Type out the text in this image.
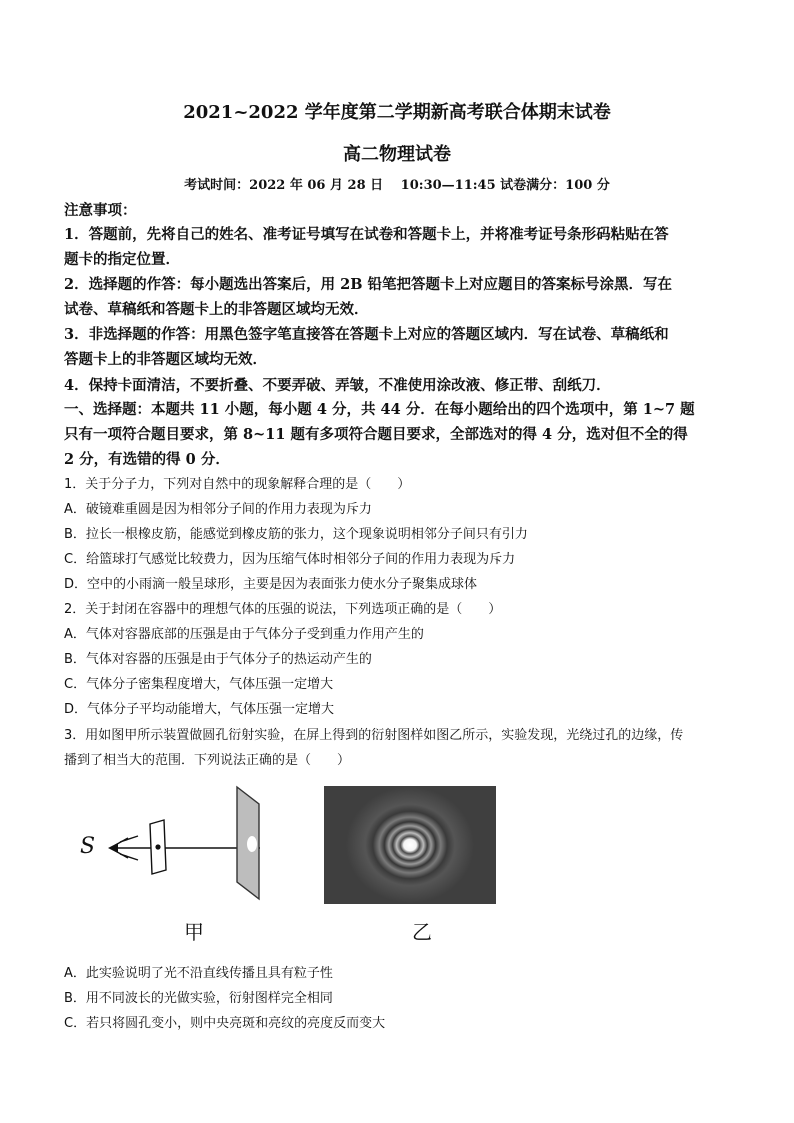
2021~2022 学年度第二学期新高考联合体期末试卷
高二物理试卷
考试时间：2022 年 06 月 28 日　 10:30—11:45 试卷满分：100 分
注意事项：
1．答题前，先将自己的姓名、准考证号填写在试卷和答题卡上，并将准考证号条形码粘贴在答
题卡的指定位置．
2．选择题的作答：每小题选出答案后，用 2B 铅笔把答题卡上对应题目的答案标号涂黑．写在
试卷、草稿纸和答题卡上的非答题区域均无效．
3．非选择题的作答：用黑色签字笔直接答在答题卡上对应的答题区域内．写在试卷、草稿纸和
答题卡上的非答题区域均无效．
4．保持卡面清洁，不要折叠、不要弄破、弄皱，不准使用涂改液、修正带、刮纸刀．
一、选择题：本题共 11 小题，每小题 4 分，共 44 分．在每小题给出的四个选项中，第 1~7 题
只有一项符合题目要求，第 8~11 题有多项符合题目要求，全部选对的得 4 分，选对但不全的得
2 分，有选错的得 0 分．
1．关于分子力，下列对自然中的现象解释合理的是（　　）
A．破镜难重圆是因为相邻分子间的作用力表现为斥力
B．拉长一根橡皮筋，能感觉到橡皮筋的张力，这个现象说明相邻分子间只有引力
C．给篮球打气感觉比较费力，因为压缩气体时相邻分子间的作用力表现为斥力
D．空中的小雨滴一般呈球形，主要是因为表面张力使水分子聚集成球体
2．关于封闭在容器中的理想气体的压强的说法，下列选项正确的是（　　）
A．气体对容器底部的压强是由于气体分子受到重力作用产生的
B．气体对容器的压强是由于气体分子的热运动产生的
C．气体分子密集程度增大，气体压强一定增大
D．气体分子平均动能增大，气体压强一定增大
3．用如图甲所示装置做圆孔衍射实验，在屏上得到的衍射图样如图乙所示，实验发现，光绕过孔的边缘，传
播到了相当大的范围．下列说法正确的是（　　）
S
甲	乙
A．此实验说明了光不沿直线传播且具有粒子性
B．用不同波长的光做实验，衍射图样完全相同
C．若只将圆孔变小，则中央亮斑和亮纹的亮度反而变大
